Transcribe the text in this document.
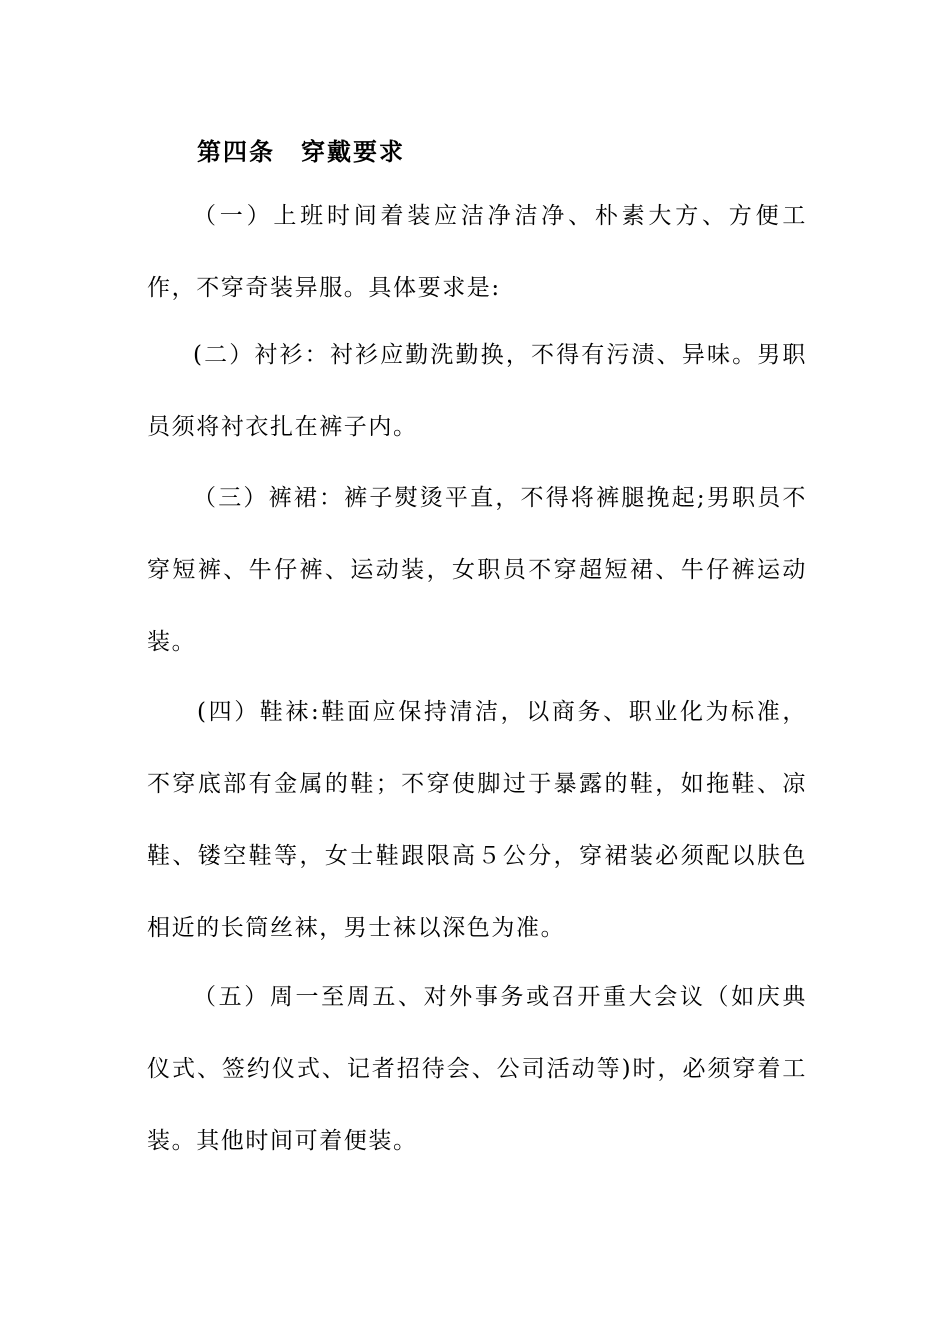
第四条　穿戴要求

（一）上班时间着装应洁净洁净、朴素大方、方便工作，不穿奇装异服。具体要求是:

(二）衬衫：衬衫应勤洗勤换，不得有污渍、异味。男职员须将衬衣扎在裤子内。

（三）裤裙：裤子熨烫平直，不得将裤腿挽起;男职员不穿短裤、牛仔裤、运动装，女职员不穿超短裙、牛仔裤运动装。

(四）鞋袜:鞋面应保持清洁，以商务、职业化为标准，不穿底部有金属的鞋；不穿使脚过于暴露的鞋，如拖鞋、凉鞋、镂空鞋等，女士鞋跟限高５公分，穿裙装必须配以肤色相近的长筒丝袜，男士袜以深色为准。

（五）周一至周五、对外事务或召开重大会议（如庆典仪式、签约仪式、记者招待会、公司活动等)时，必须穿着工装。其他时间可着便装。
